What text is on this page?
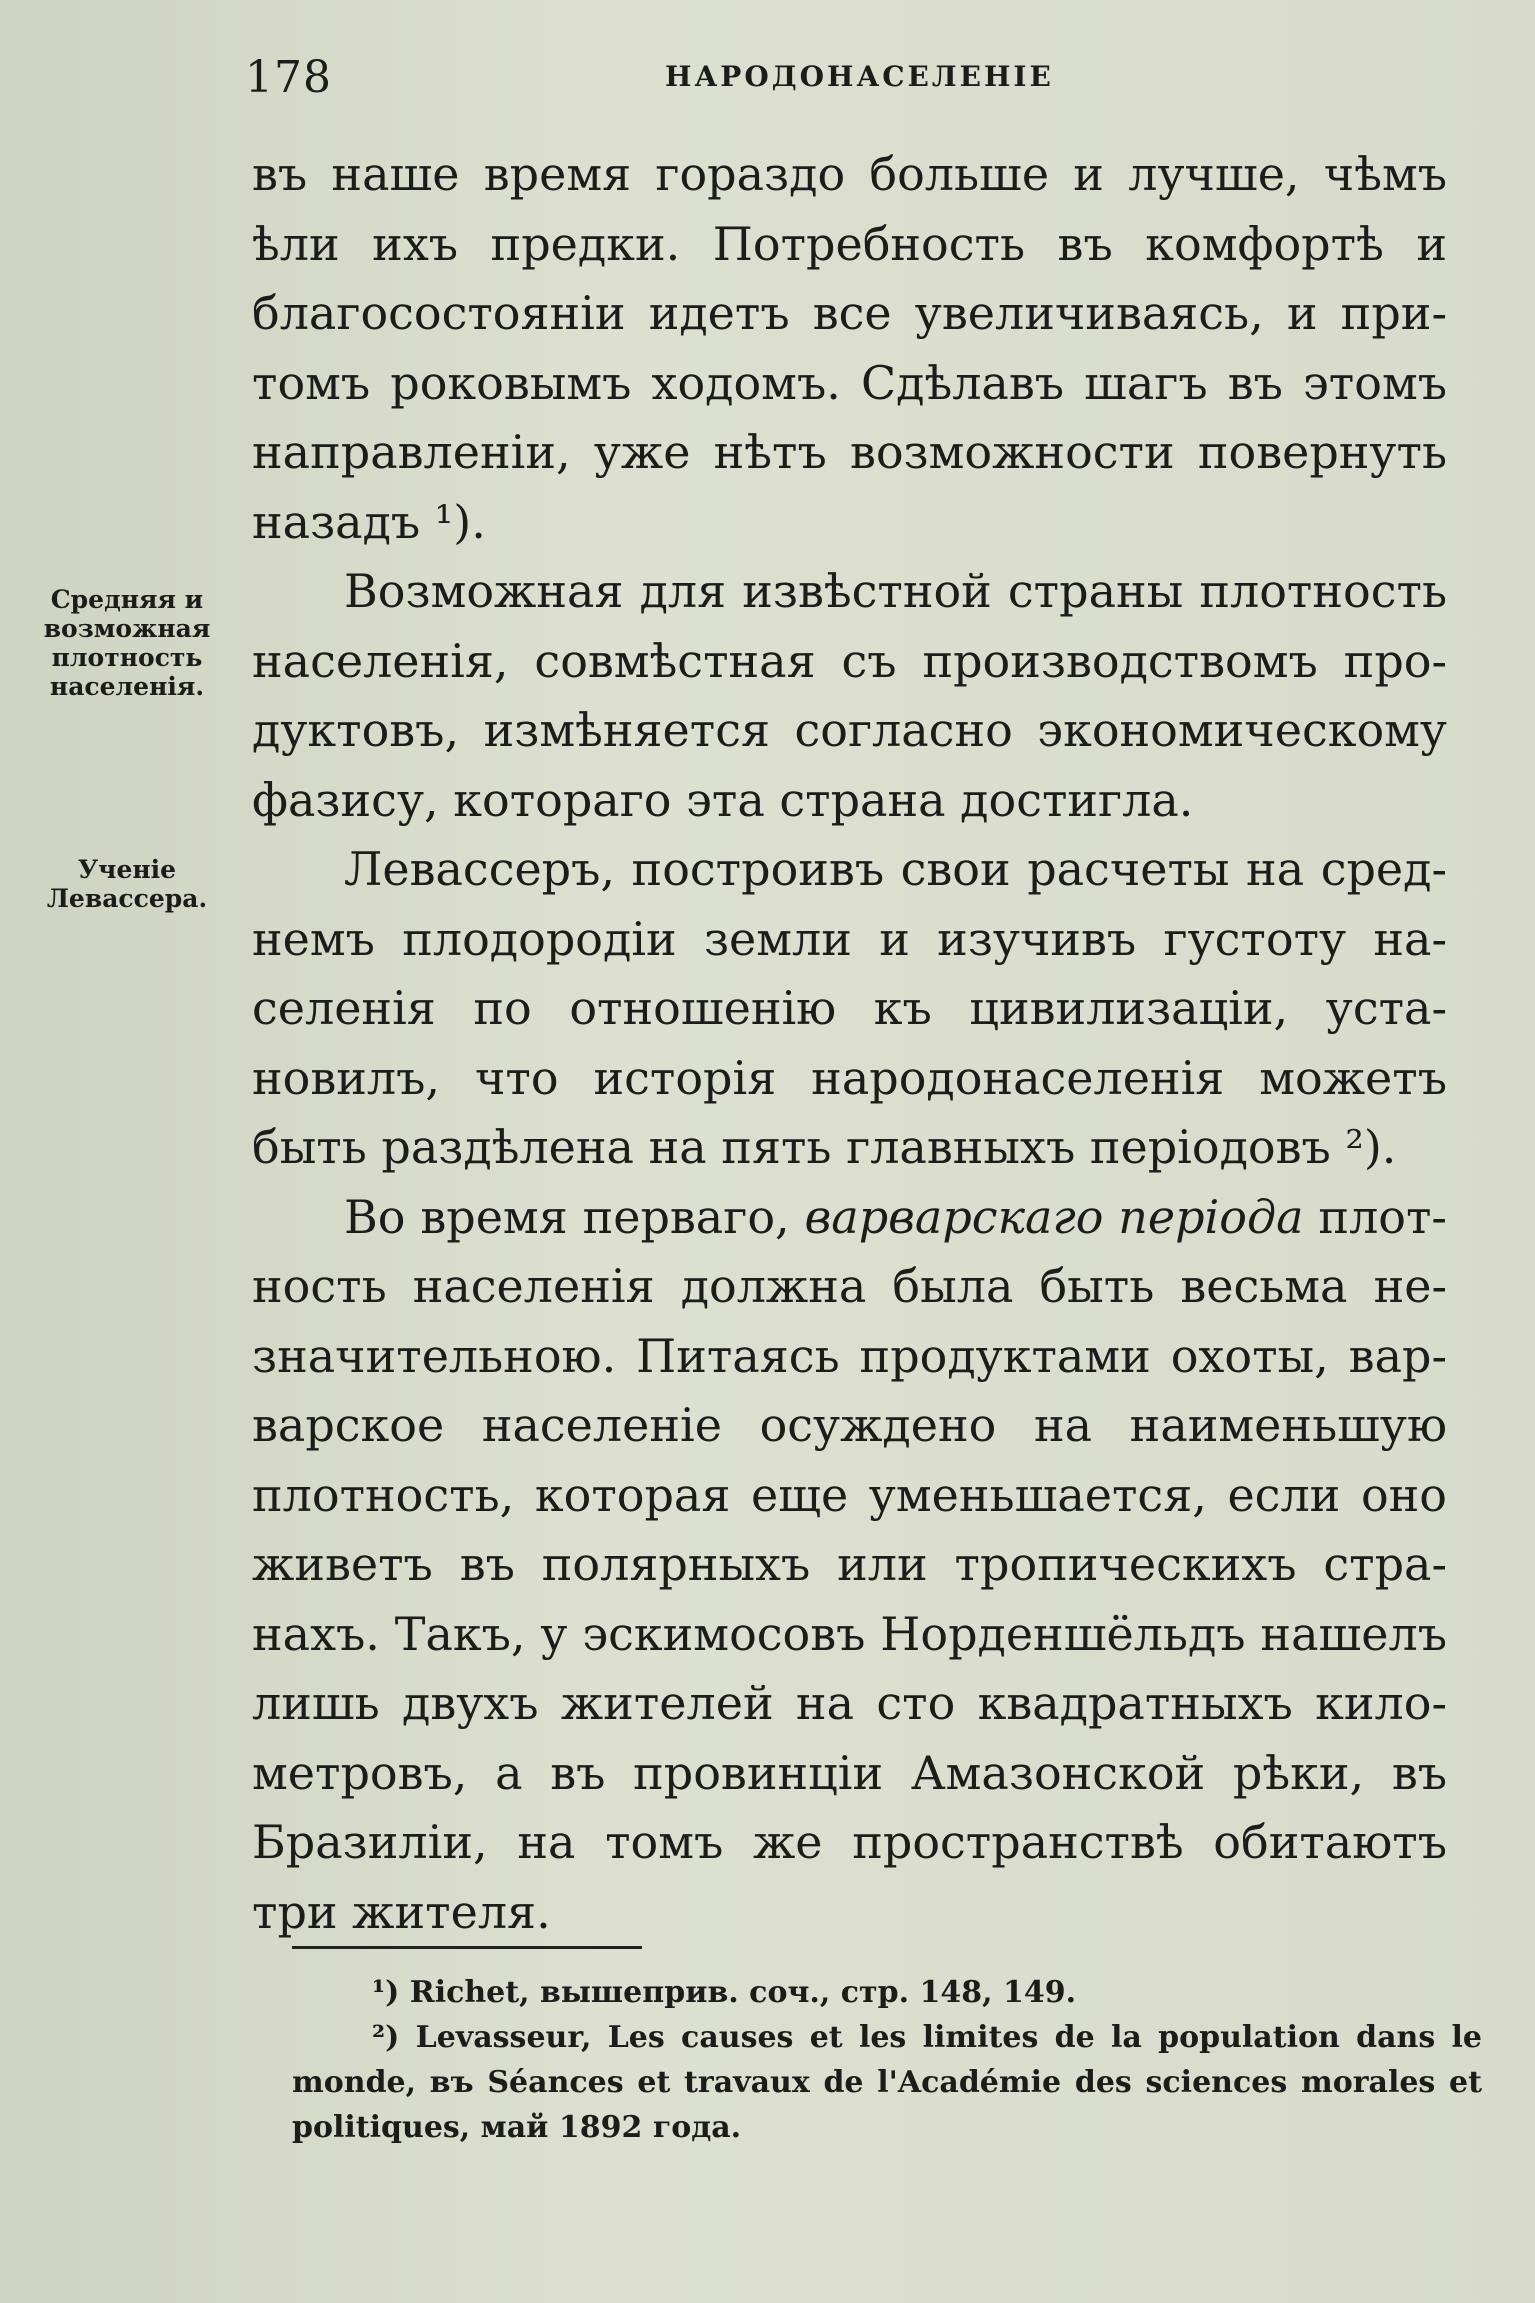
178	НАРОДОНАСЕЛЕНІЕ
Средняя и возможная плотность населенія.
Ученіе Левассера.

въ наше время гораздо больше и лучше, чѣмъ
ѣли ихъ предки. Потребность въ комфортѣ и
благосостояніи идетъ все увеличиваясь, и при-
томъ роковымъ ходомъ. Сдѣлавъ шагъ въ этомъ
направленіи, уже нѣтъ возможности повернуть
назадъ ¹).

Возможная для извѣстной страны плотность
населенія, совмѣстная съ производствомъ про-
дуктовъ, измѣняется согласно экономическому
фазису, котораго эта страна достигла.

Левассеръ, построивъ свои расчеты на сред-
немъ плодородіи земли и изучивъ густоту на-
селенія по отношенію къ цивилизаціи, уста-
новилъ, что исторія народонаселенія можетъ
быть раздѣлена на пять главныхъ періодовъ ²).

Во время перваго, варварскаго періода плот-
ность населенія должна была быть весьма не-
значительною. Питаясь продуктами охоты, вар-
варское населеніе осуждено на наименьшую
плотность, которая еще уменьшается, если оно
живетъ въ полярныхъ или тропическихъ стра-
нахъ. Такъ, у эскимосовъ Норденшёльдъ нашелъ
лишь двухъ жителей на сто квадратныхъ кило-
метровъ, а въ провинціи Амазонской рѣки, въ
Бразиліи, на томъ же пространствѣ обитаютъ
три жителя.

¹) Richet, вышеприв. соч., стр. 148, 149.

²) Levasseur, Les causes et les limites de la population dans le monde, въ Séances et travaux de l'Académie des sciences morales et politiques, май 1892 года.
